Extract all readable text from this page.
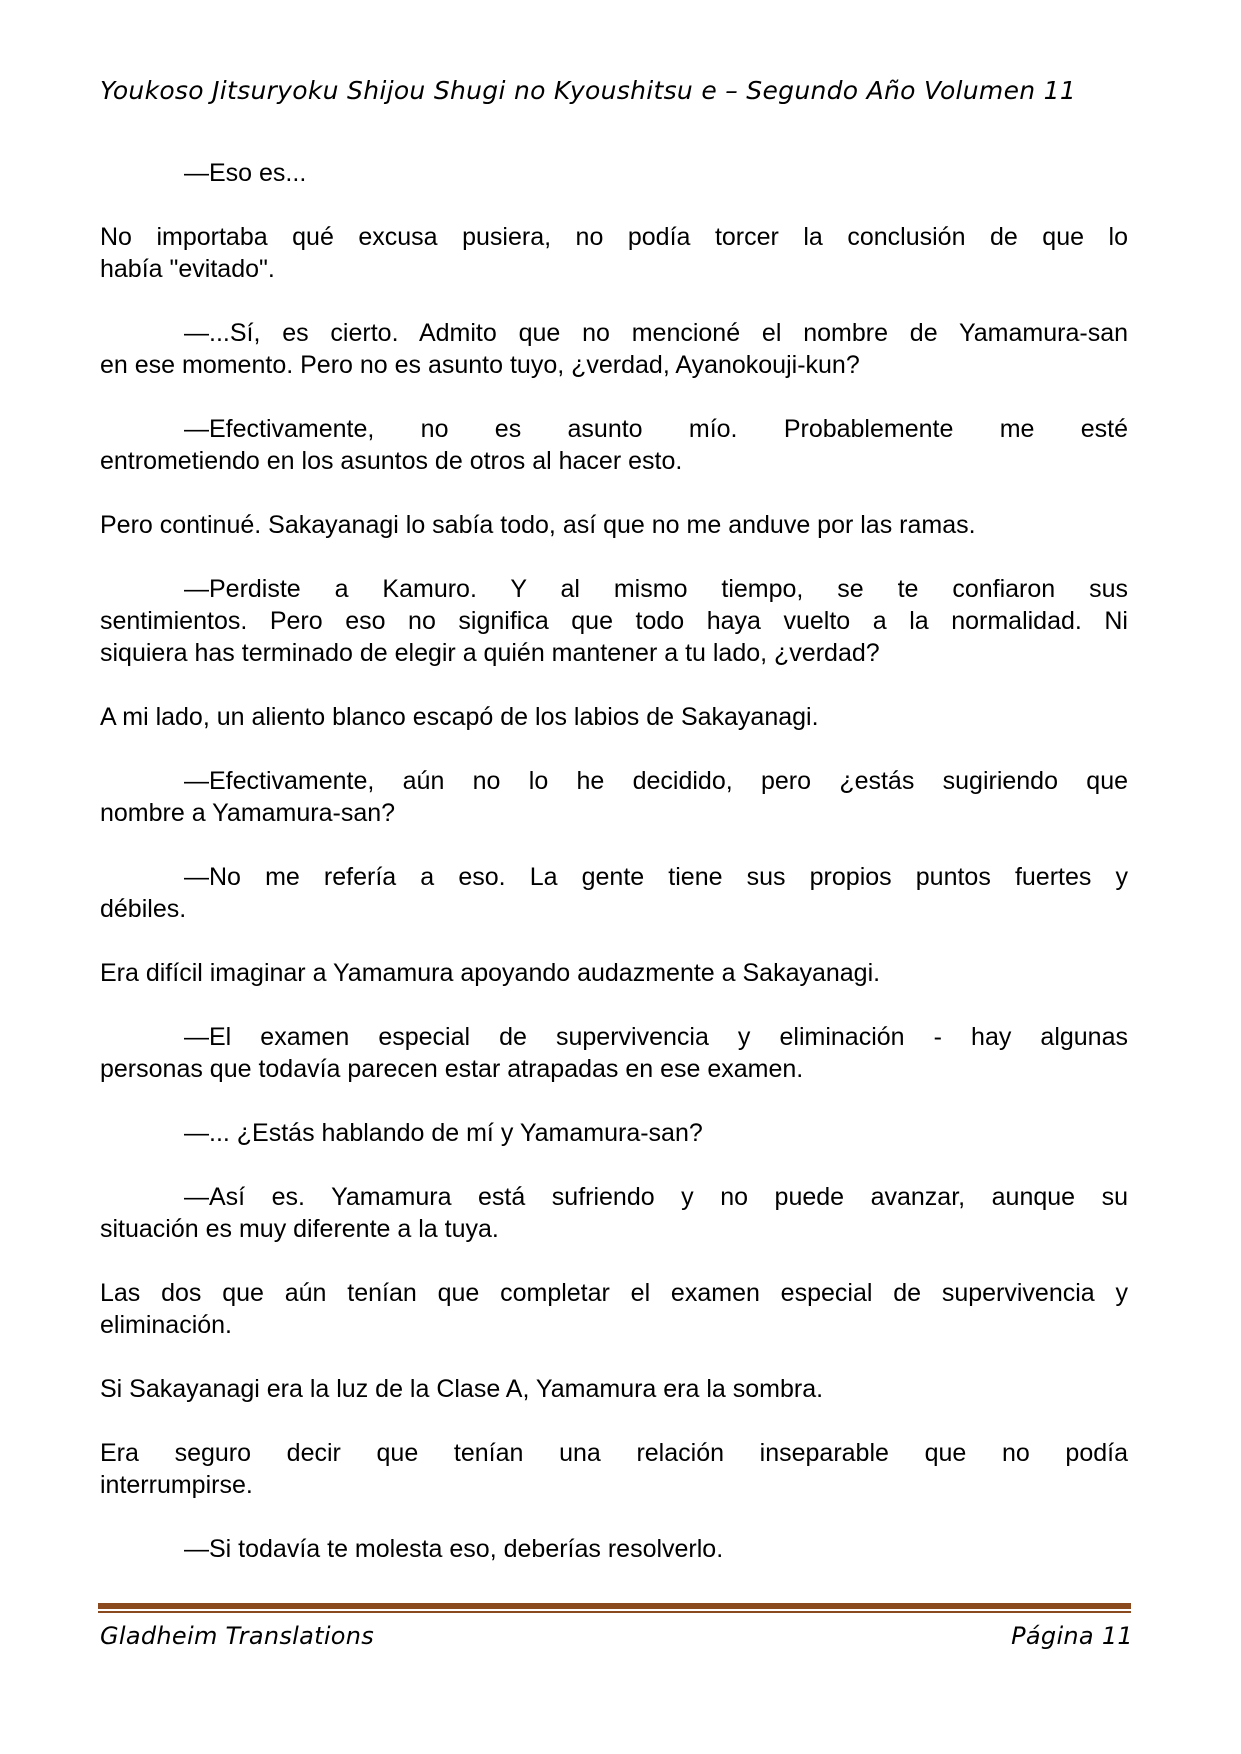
Youkoso Jitsuryoku Shijou Shugi no Kyoushitsu e – Segundo Año Volumen 11
—Eso es...
No importaba qué excusa pusiera, no podía torcer la conclusión de que lo
había "evitado".
—...Sí, es cierto. Admito que no mencioné el nombre de Yamamura-san
en ese momento. Pero no es asunto tuyo, ¿verdad, Ayanokouji-kun?
—Efectivamente, no es asunto mío. Probablemente me esté
entrometiendo en los asuntos de otros al hacer esto.
Pero continué. Sakayanagi lo sabía todo, así que no me anduve por las ramas.
—Perdiste a Kamuro. Y al mismo tiempo, se te confiaron sus
sentimientos. Pero eso no significa que todo haya vuelto a la normalidad. Ni
siquiera has terminado de elegir a quién mantener a tu lado, ¿verdad?
A mi lado, un aliento blanco escapó de los labios de Sakayanagi.
—Efectivamente, aún no lo he decidido, pero ¿estás sugiriendo que
nombre a Yamamura-san?
—No me refería a eso. La gente tiene sus propios puntos fuertes y
débiles.
Era difícil imaginar a Yamamura apoyando audazmente a Sakayanagi.
—El examen especial de supervivencia y eliminación - hay algunas
personas que todavía parecen estar atrapadas en ese examen.
—... ¿Estás hablando de mí y Yamamura-san?
—Así es. Yamamura está sufriendo y no puede avanzar, aunque su
situación es muy diferente a la tuya.
Las dos que aún tenían que completar el examen especial de supervivencia y
eliminación.
Si Sakayanagi era la luz de la Clase A, Yamamura era la sombra.
Era seguro decir que tenían una relación inseparable que no podía
interrumpirse.
—Si todavía te molesta eso, deberías resolverlo.
Gladheim Translations	Página 11
